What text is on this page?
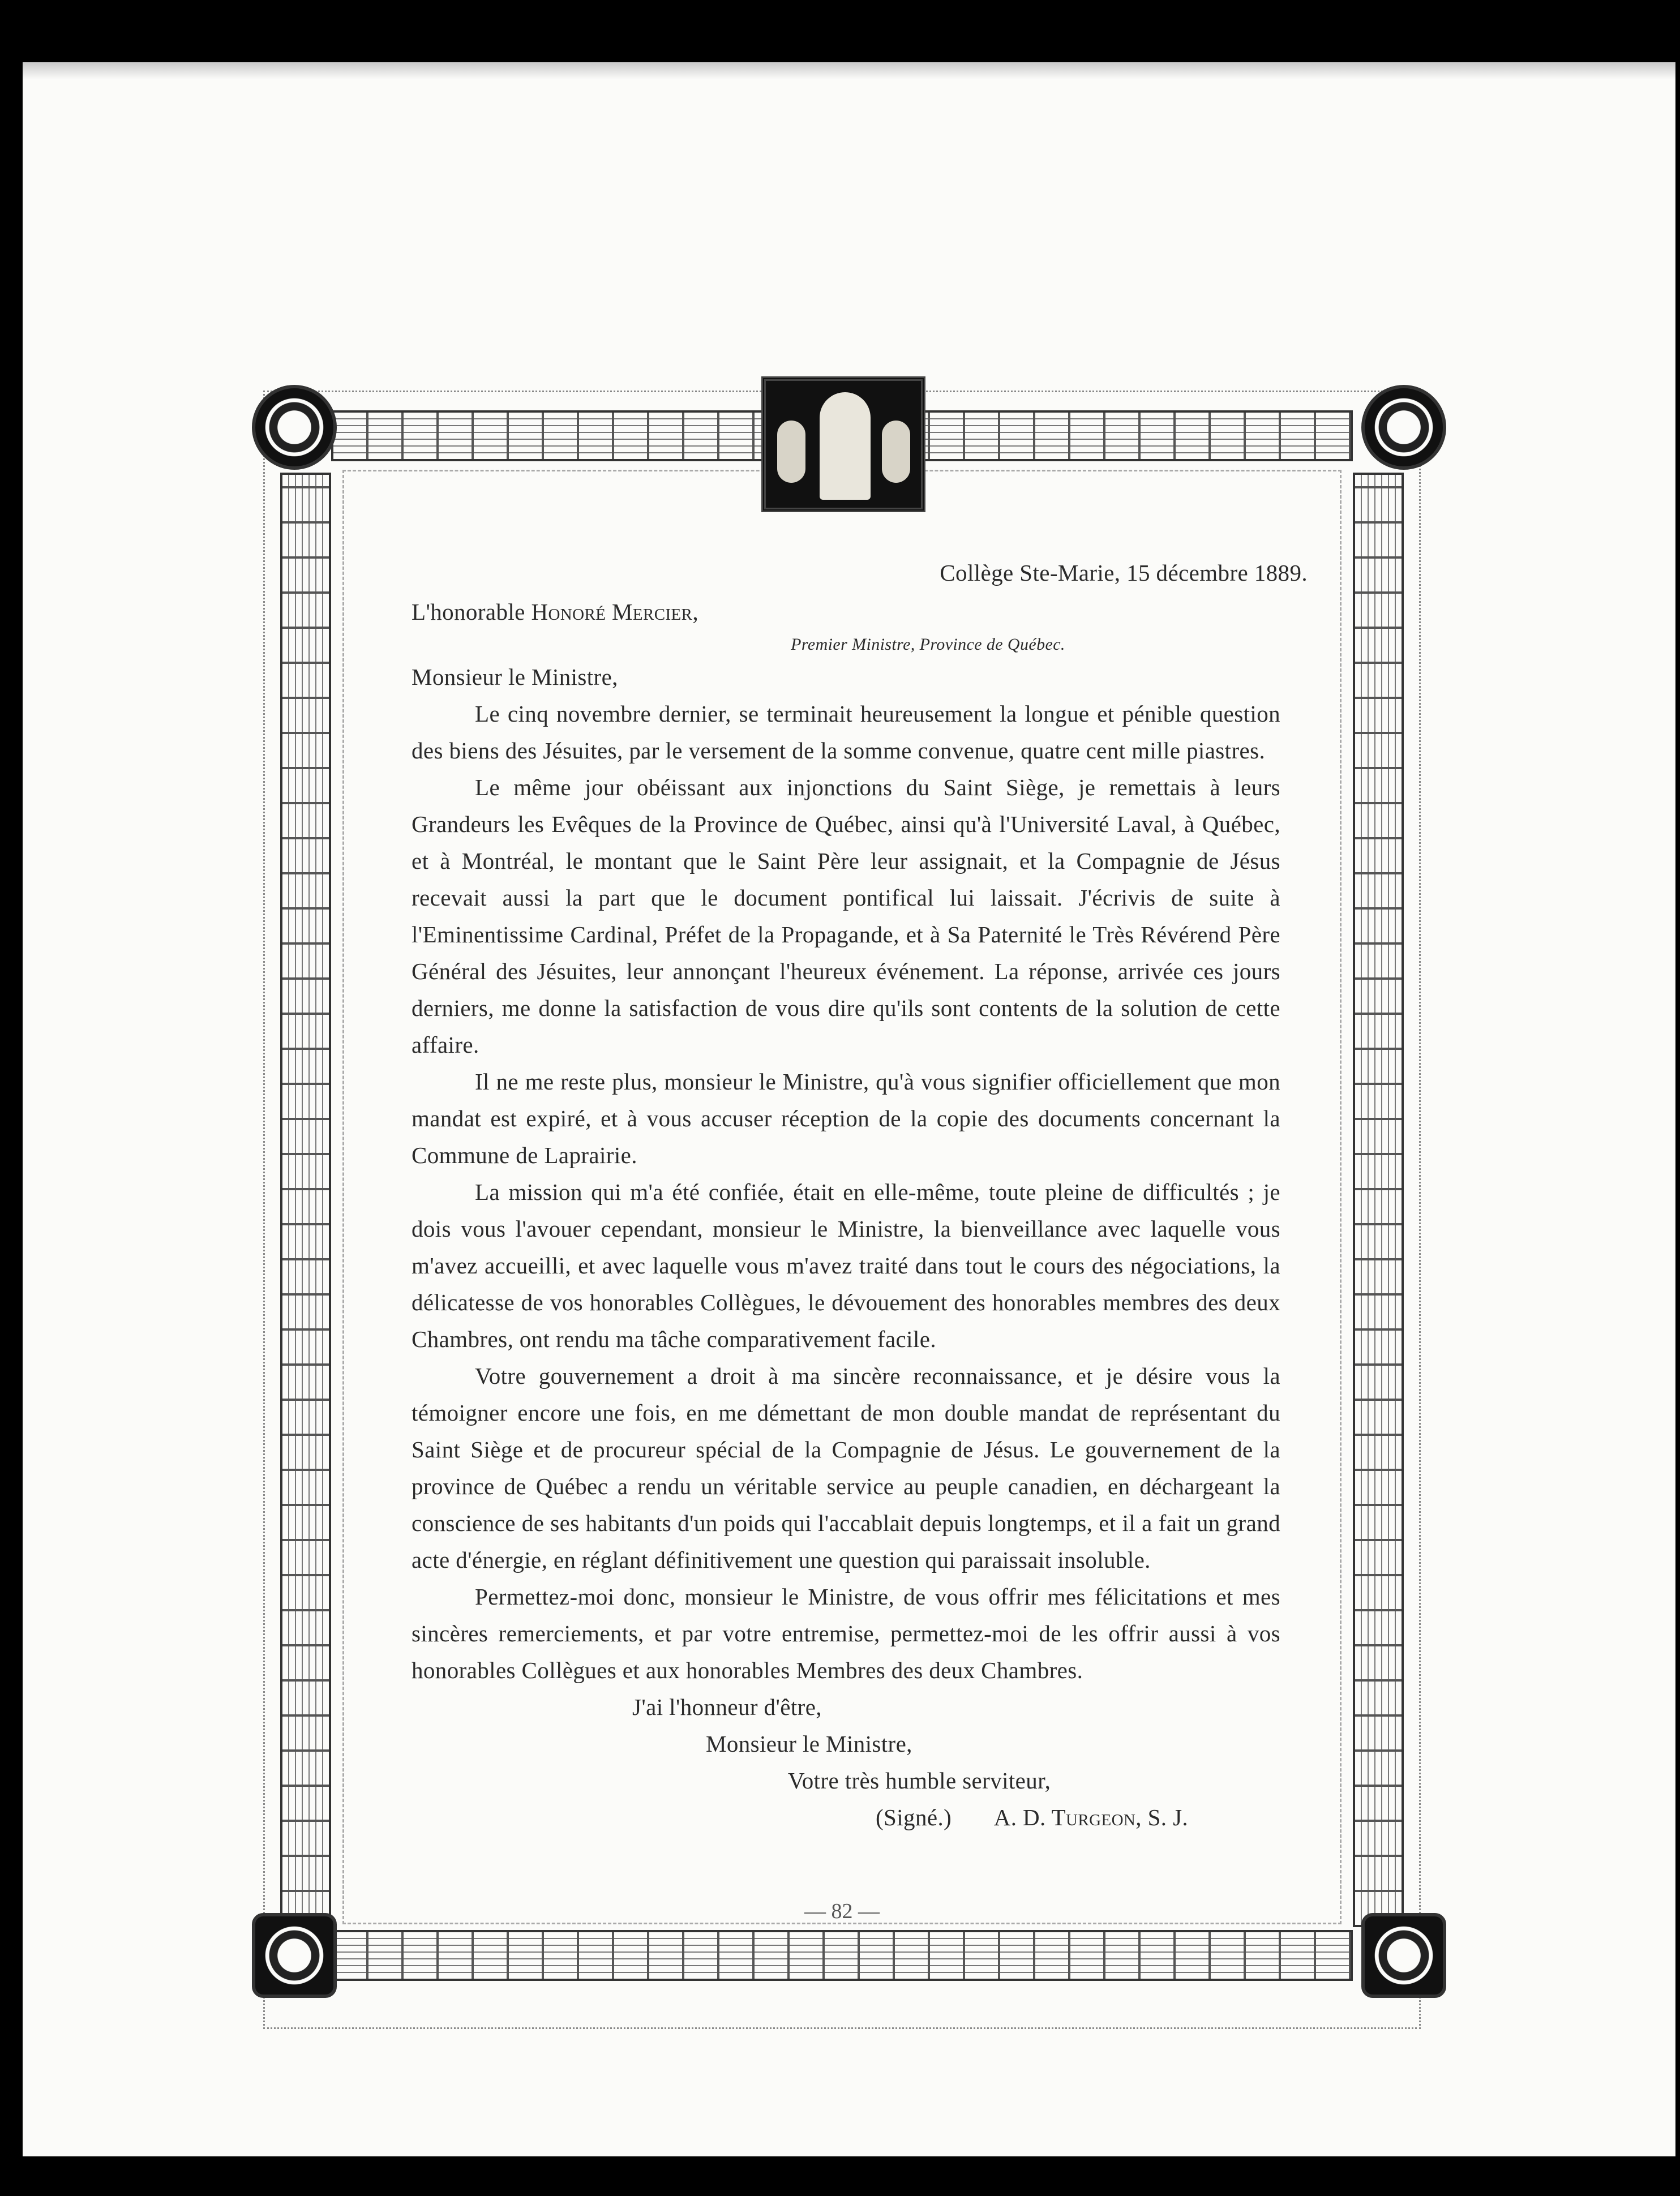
Collège Ste-Marie, 15 décembre 1889.

L'honorable Honoré Mercier,

Premier Ministre, Province de Québec.

Monsieur le Ministre,

Le cinq novembre dernier, se terminait heureusement la longue et pénible question des biens des Jésuites, par le versement de la somme convenue, quatre cent mille piastres.

Le même jour obéissant aux injonctions du Saint Siège, je remettais à leurs Grandeurs les Evêques de la Province de Québec, ainsi qu'à l'Université Laval, à Québec, et à Montréal, le montant que le Saint Père leur assignait, et la Compagnie de Jésus recevait aussi la part que le document pontifical lui laissait. J'écrivis de suite à l'Eminentissime Cardinal, Préfet de la Propagande, et à Sa Paternité le Très Révérend Père Général des Jésuites, leur annonçant l'heureux événement. La réponse, arrivée ces jours derniers, me donne la satisfaction de vous dire qu'ils sont contents de la solution de cette affaire.

Il ne me reste plus, monsieur le Ministre, qu'à vous signifier officiellement que mon mandat est expiré, et à vous accuser réception de la copie des documents concernant la Commune de Laprairie.

La mission qui m'a été confiée, était en elle-même, toute pleine de difficultés ; je dois vous l'avouer cependant, monsieur le Ministre, la bienveillance avec laquelle vous m'avez accueilli, et avec laquelle vous m'avez traité dans tout le cours des négociations, la délicatesse de vos honorables Collègues, le dévouement des honorables membres des deux Chambres, ont rendu ma tâche comparativement facile.

Votre gouvernement a droit à ma sincère reconnaissance, et je désire vous la témoigner encore une fois, en me démettant de mon double mandat de représentant du Saint Siège et de procureur spécial de la Compagnie de Jésus. Le gouvernement de la province de Québec a rendu un véritable service au peuple canadien, en déchargeant la conscience de ses habitants d'un poids qui l'accablait depuis longtemps, et il a fait un grand acte d'énergie, en réglant définitivement une question qui paraissait insoluble.

Permettez-moi donc, monsieur le Ministre, de vous offrir mes félicitations et mes sincères remerciements, et par votre entremise, permettez-moi de les offrir aussi à vos honorables Collègues et aux honorables Membres des deux Chambres.

J'ai l'honneur d'être,

Monsieur le Ministre,

Votre très humble serviteur,

(Signé.) A. D. Turgeon, S. J.

— 82 —
